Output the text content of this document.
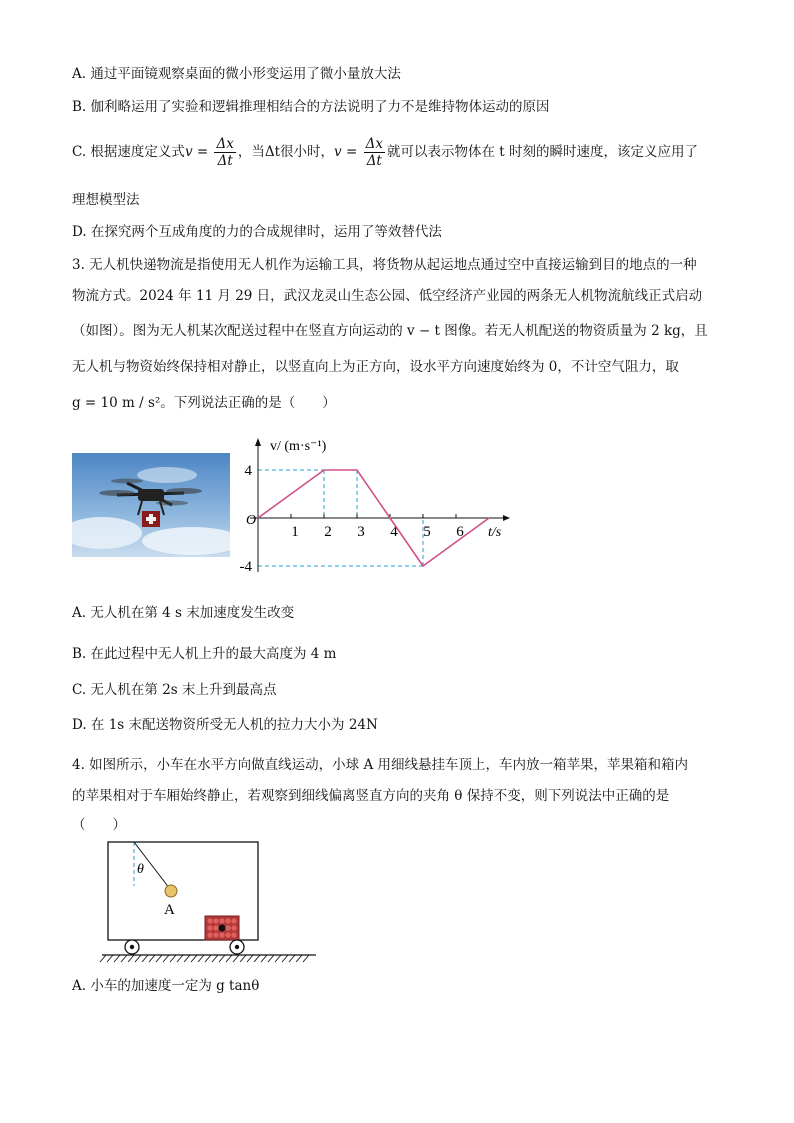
A. 通过平面镜观察桌面的微小形变运用了微小量放大法
B. 伽利略运用了实验和逻辑推理相结合的方法说明了力不是维持物体运动的原因
C. 根据速度定义式$v = \frac{\Delta x}{\Delta t}$ ，当Δt很小时，$v = \frac{\Delta x}{\Delta t}$ 就可以表示物体在 t 时刻的瞬时速度，该定义应用了
理想模型法
D. 在探究两个互成角度的力的合成规律时，运用了等效替代法
3. 无人机快递物流是指使用无人机作为运输工具，将货物从起运地点通过空中直接运输到目的地点的一种
物流方式。2024 年 11 月 29 日，武汉龙灵山生态公园、低空经济产业园的两条无人机物流航线正式启动
（如图）。图为无人机某次配送过程中在竖直方向运动的 v − t 图像。若无人机配送的物资质量为 2 kg，且
无人机与物资始终保持相对静止，以竖直向上为正方向，设水平方向速度始终为 0，不计空气阻力，取
g = 10 m / s²。下列说法正确的是（　　）
1 2 3 4 5 6
4
-4
v/ (m·s⁻¹)
t/s
O
A. 无人机在第 4 s 末加速度发生改变
B. 在此过程中无人机上升的最大高度为 4 m
C. 无人机在第 2s 末上升到最高点
D. 在 1s 末配送物资所受无人机的拉力大小为 24N
4. 如图所示，小车在水平方向做直线运动，小球 A 用细线悬挂车顶上，车内放一箱苹果，苹果箱和箱内
的苹果相对于车厢始终静止，若观察到细线偏离竖直方向的夹角 θ 保持不变，则下列说法中正确的是
（　　）
θ
A
A. 小车的加速度一定为 g tanθ
